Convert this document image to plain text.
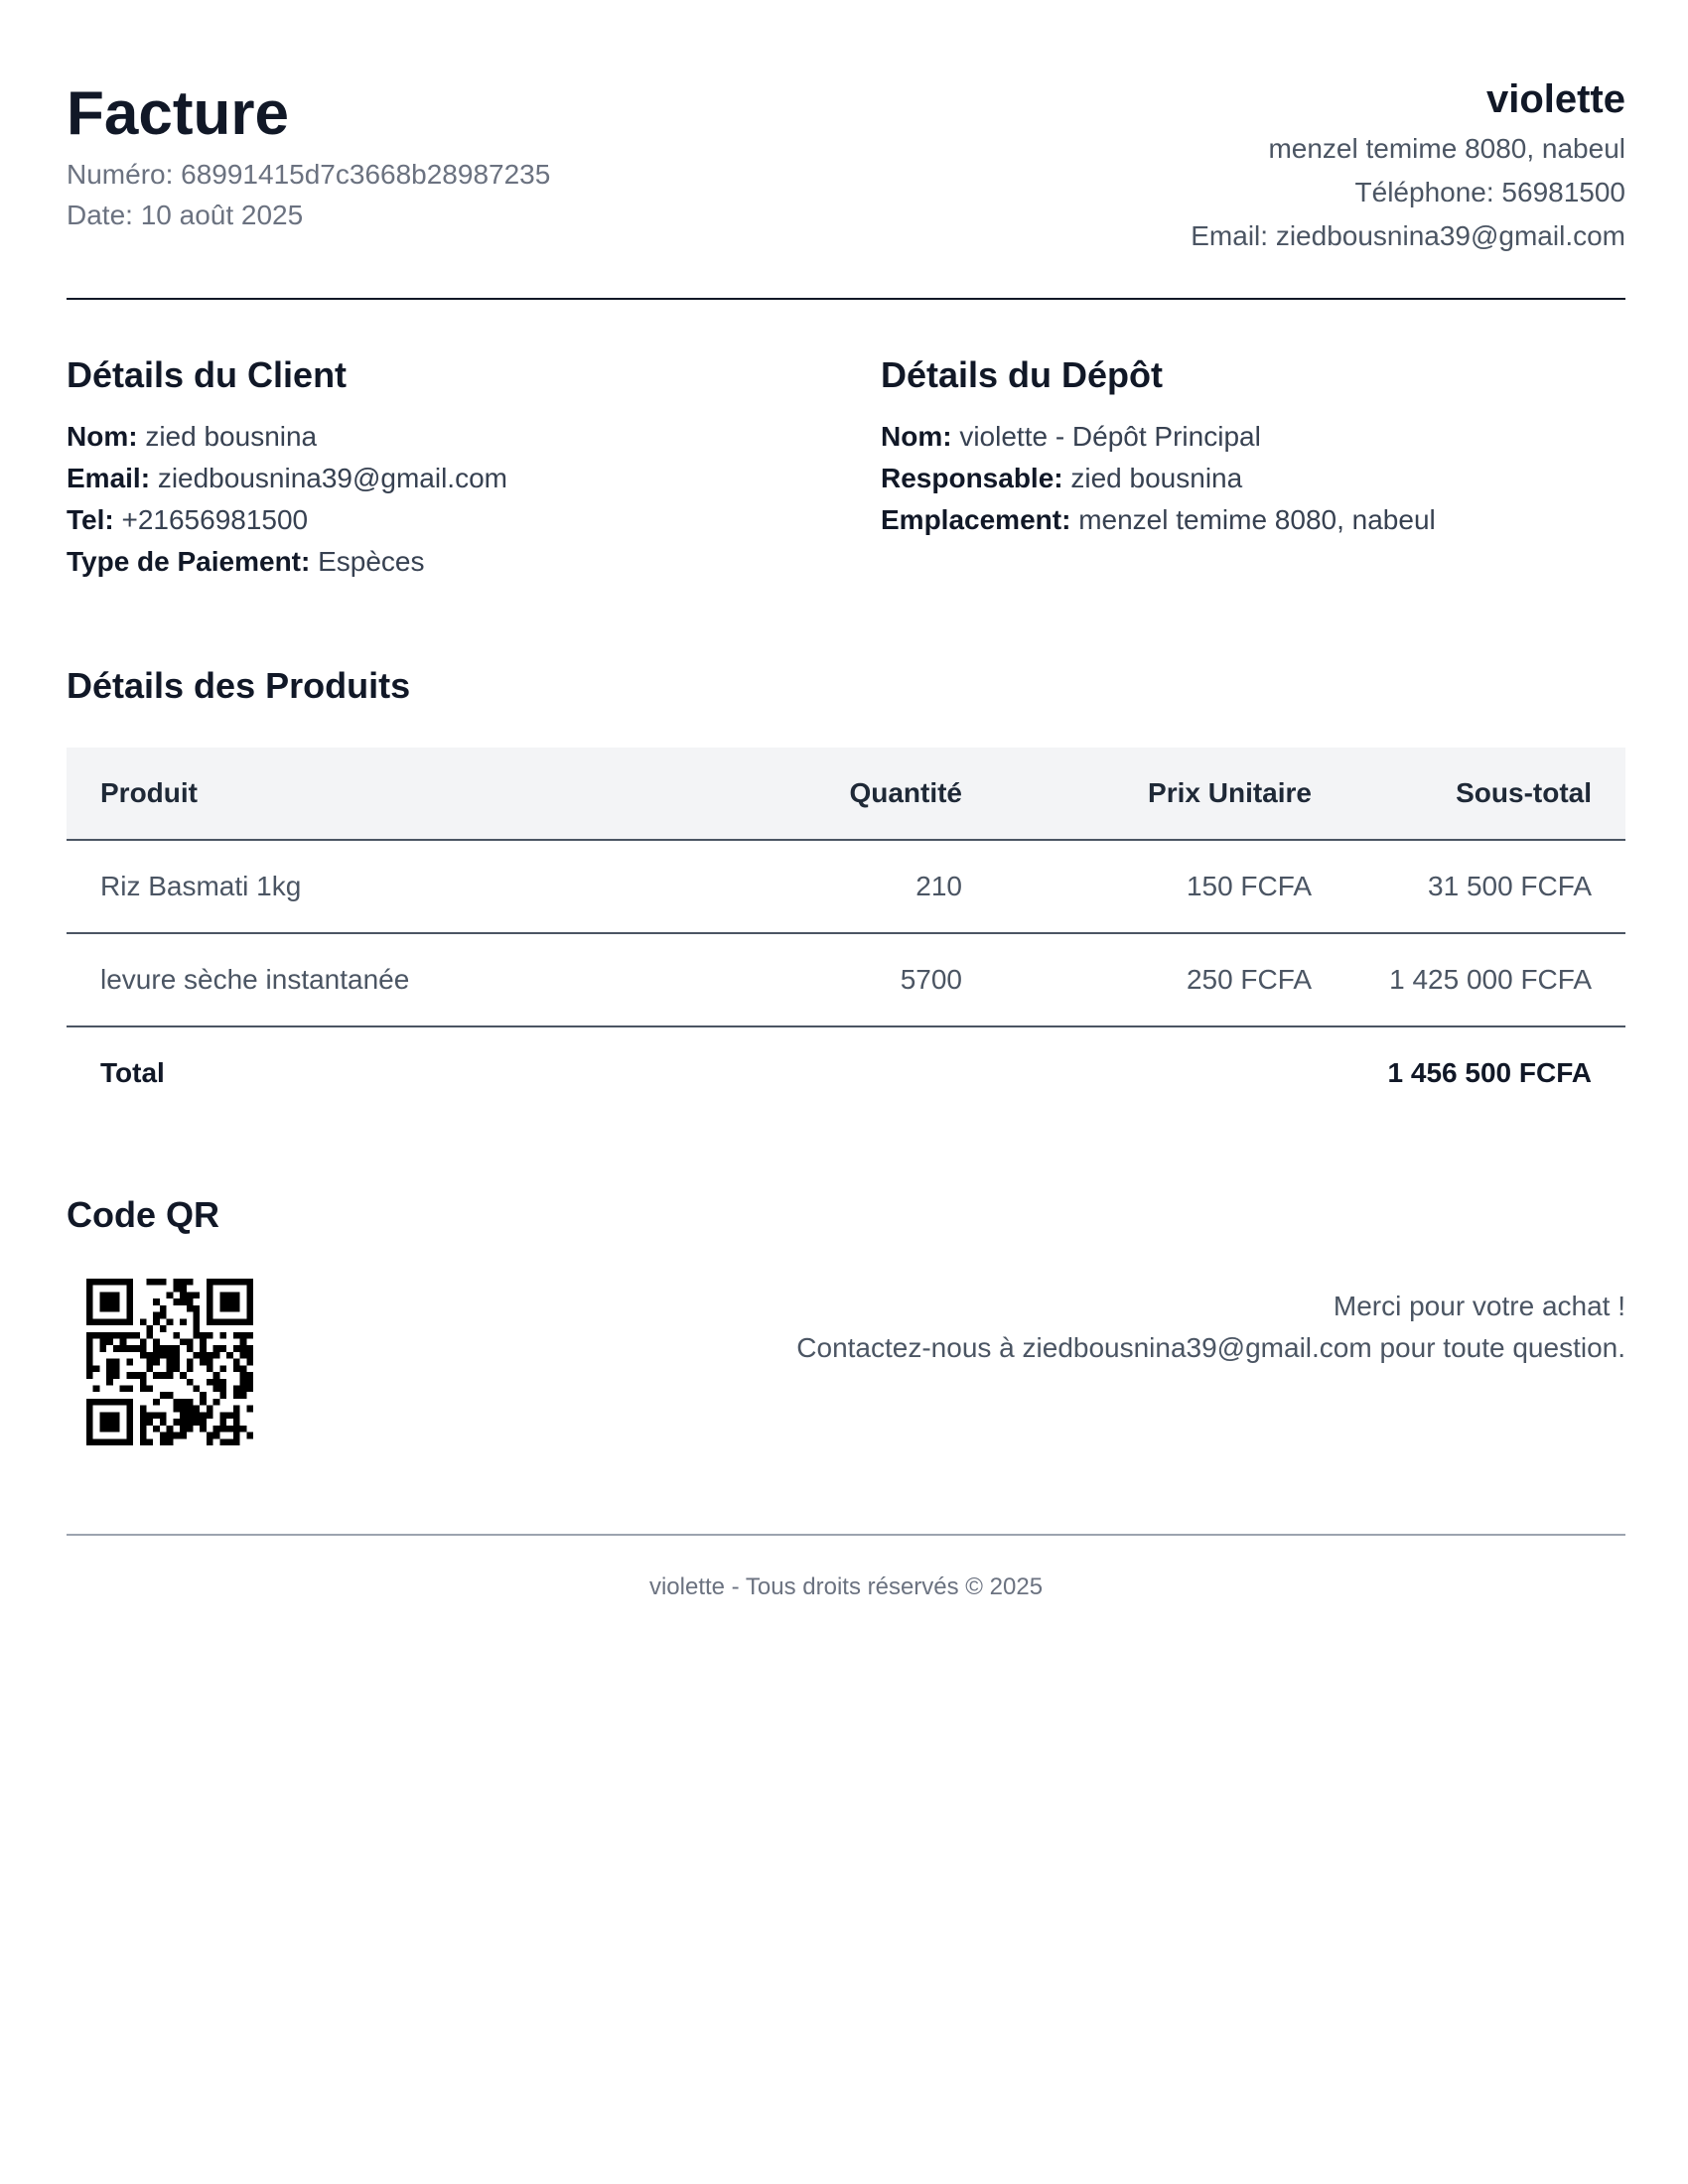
Facture
Numéro: 68991415d7c3668b28987235
Date: 10 août 2025
violette
menzel temime 8080, nabeul
Téléphone: 56981500
Email: ziedbousnina39@gmail.com
Détails du Client
Nom: zied bousnina
Email: ziedbousnina39@gmail.com
Tel: +21656981500
Type de Paiement: Espèces
Détails du Dépôt
Nom: violette - Dépôt Principal
Responsable: zied bousnina
Emplacement: menzel temime 8080, nabeul
Détails des Produits
Produit	Quantité	Prix Unitaire	Sous-total
Riz Basmati 1kg	210	150 FCFA	31 500 FCFA
levure sèche instantanée	5700	250 FCFA	1 425 000 FCFA
Total			1 456 500 FCFA
Code QR
Merci pour votre achat !
Contactez-nous à ziedbousnina39@gmail.com pour toute question.
violette - Tous droits réservés © 2025
